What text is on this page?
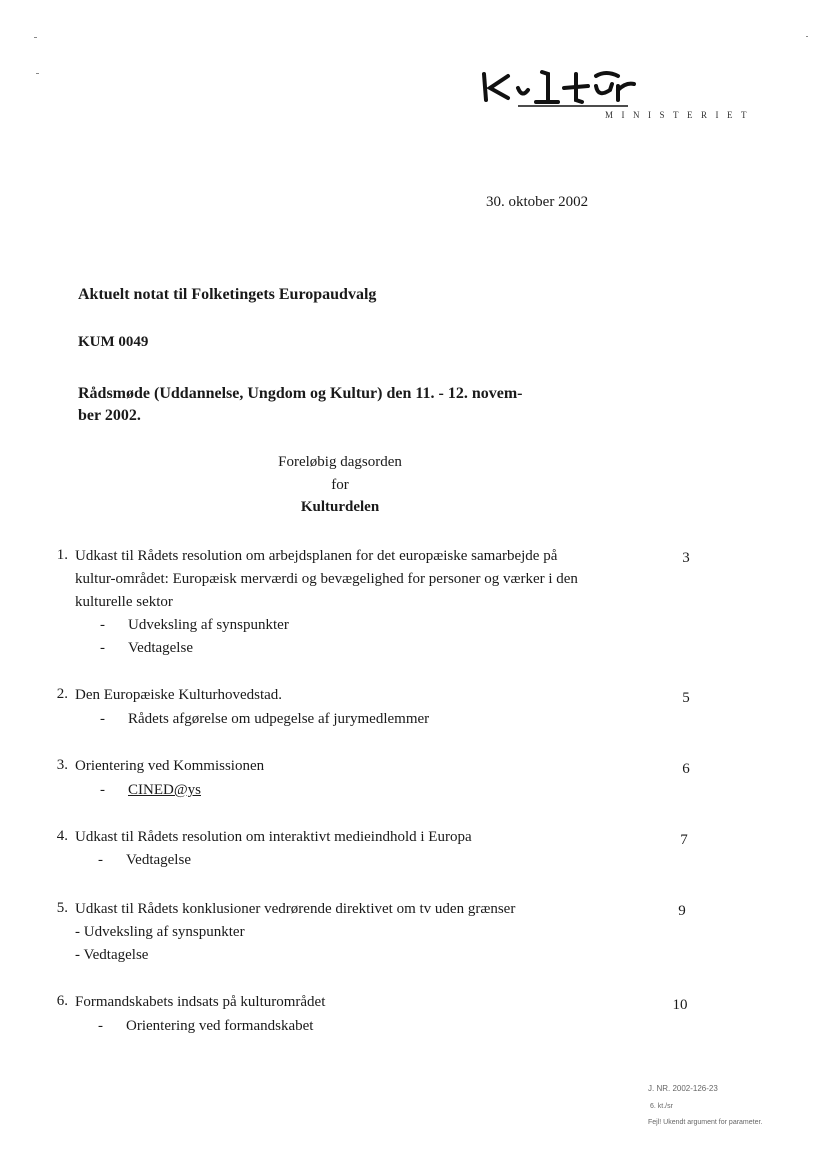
MINISTERIET
30. oktober 2002
Aktuelt notat til Folketingets Europaudvalg
KUM 0049
Rådsmøde (Uddannelse, Ungdom og Kultur) den 11. - 12. novem-
ber 2002.
Foreløbig dagsorden
for
Kulturdelen
1. Udkast til Rådets resolution om arbejdsplanen for det europæiske samarbejde på kultur-området: Europæisk merværdi og bevægelighed for personer og værker i den kulturelle sektor
- Udveksling af synspunkter
- Vedtagelse
3
2. Den Europæiske Kulturhovedstad.
- Rådets afgørelse om udpegelse af jurymedlemmer
5
3. Orientering ved Kommissionen
- CINED@ys
6
4. Udkast til Rådets resolution om interaktivt medieindhold i Europa
- Vedtagelse
7
5. Udkast til Rådets konklusioner vedrørende direktivet om tv uden grænser
- Udveksling af synspunkter
- Vedtagelse
9
6. Formandskabets indsats på kulturområdet
- Orientering ved formandskabet
10
J. NR. 2002-126-23
6. kt./sr
Fejl! Ukendt argument for parameter.
